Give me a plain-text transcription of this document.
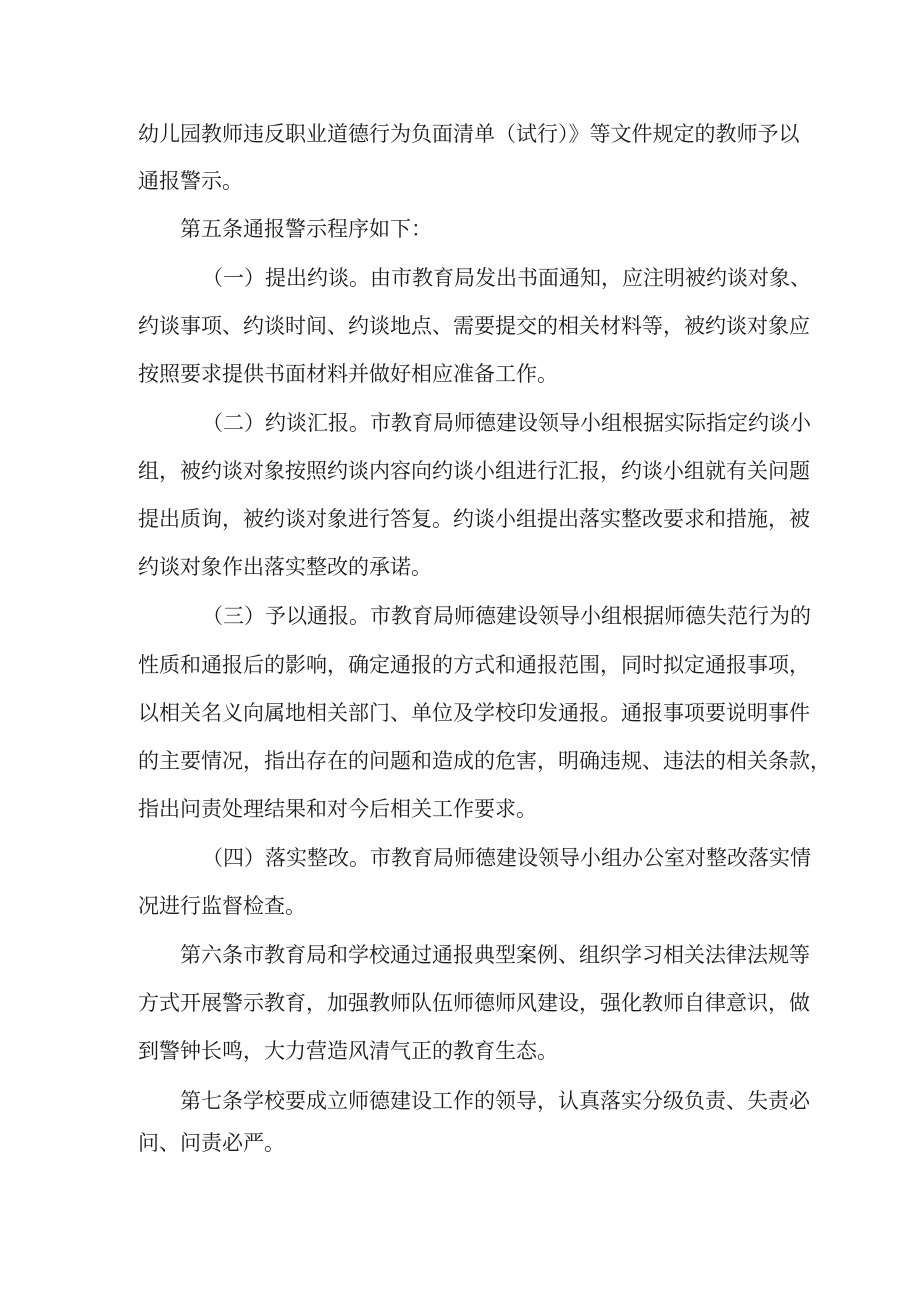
幼儿园教师违反职业道德行为负面清单（试行）》等文件规定的教师予以

通报警示。

第五条通报警示程序如下：

（一）提出约谈。由市教育局发出书面通知，应注明被约谈对象、

约谈事项、约谈时间、约谈地点、需要提交的相关材料等，被约谈对象应

按照要求提供书面材料并做好相应准备工作。

（二）约谈汇报。市教育局师德建设领导小组根据实际指定约谈小

组，被约谈对象按照约谈内容向约谈小组进行汇报，约谈小组就有关问题

提出质询，被约谈对象进行答复。约谈小组提出落实整改要求和措施，被

约谈对象作出落实整改的承诺。

（三）予以通报。市教育局师德建设领导小组根据师德失范行为的

性质和通报后的影响，确定通报的方式和通报范围，同时拟定通报事项，

以相关名义向属地相关部门、单位及学校印发通报。通报事项要说明事件

的主要情况，指出存在的问题和造成的危害，明确违规、违法的相关条款，

指出问责处理结果和对今后相关工作要求。

（四）落实整改。市教育局师德建设领导小组办公室对整改落实情

况进行监督检查。

第六条市教育局和学校通过通报典型案例、组织学习相关法律法规等

方式开展警示教育，加强教师队伍师德师风建设，强化教师自律意识，做

到警钟长鸣，大力营造风清气正的教育生态。

第七条学校要成立师德建设工作的领导，认真落实分级负责、失责必

问、问责必严。
